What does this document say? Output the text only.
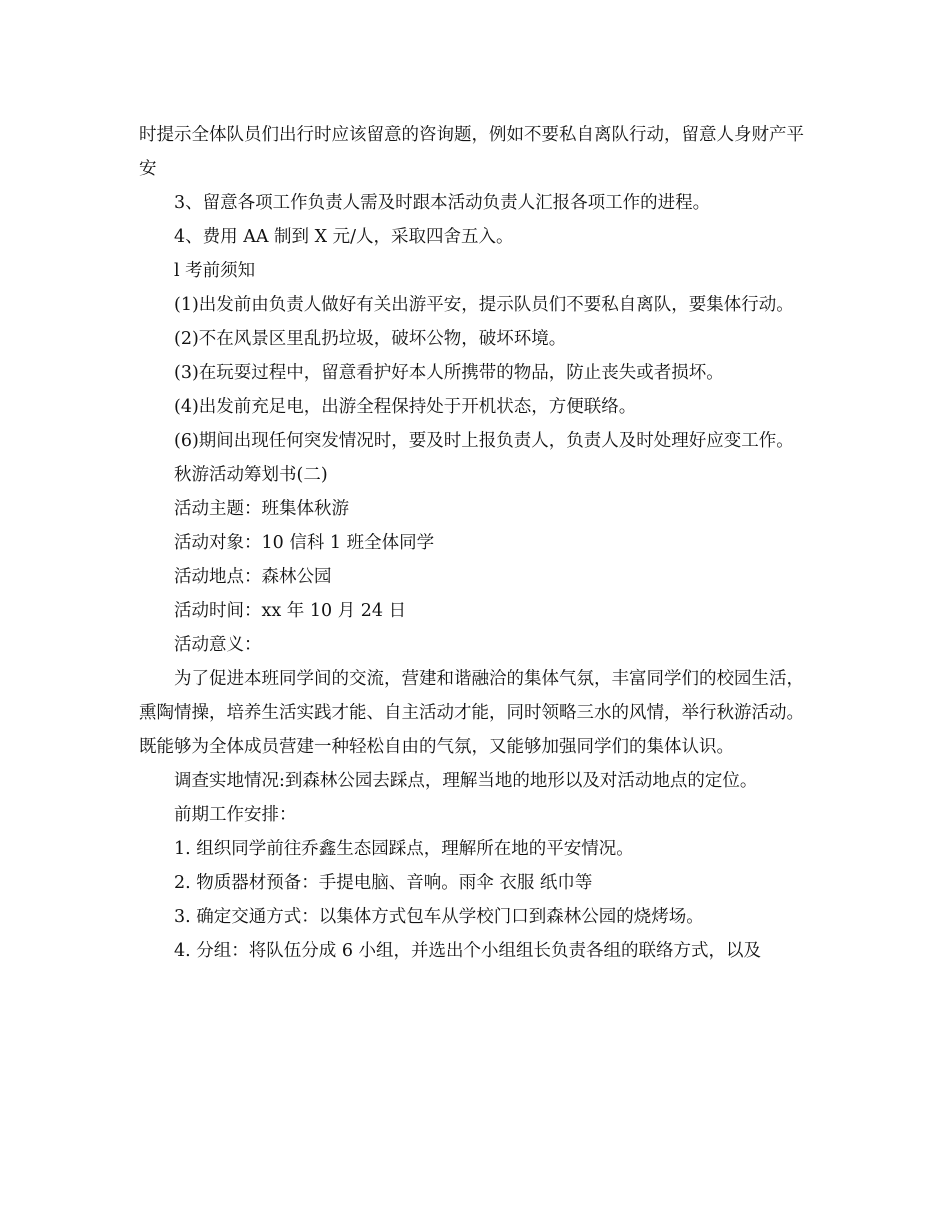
时提示全体队员们出行时应该留意的咨询题，例如不要私自离队行动，留意人身财产平安

3、留意各项工作负责人需及时跟本活动负责人汇报各项工作的进程。

4、费用 AA 制到 X 元/人，采取四舍五入。

l 考前须知

(1)出发前由负责人做好有关出游平安，提示队员们不要私自离队，要集体行动。

(2)不在风景区里乱扔垃圾，破坏公物，破坏环境。

(3)在玩耍过程中，留意看护好本人所携带的物品，防止丧失或者损坏。

(4)出发前充足电，出游全程保持处于开机状态，方便联络。

(6)期间出现任何突发情况时，要及时上报负责人，负责人及时处理好应变工作。

秋游活动筹划书(二)

活动主题：班集体秋游

活动对象：10 信科 1 班全体同学

活动地点：森林公园

活动时间：xx 年 10 月 24 日

活动意义：

为了促进本班同学间的交流，营建和谐融洽的集体气氛，丰富同学们的校园生活，熏陶情操，培养生活实践才能、自主活动才能，同时领略三水的风情，举行秋游活动。既能够为全体成员营建一种轻松自由的气氛，又能够加强同学们的集体认识。

调查实地情况:到森林公园去踩点，理解当地的地形以及对活动地点的定位。

前期工作安排：

1. 组织同学前往乔鑫生态园踩点，理解所在地的平安情况。

2. 物质器材预备：手提电脑、音响。雨伞 衣服 纸巾等

3. 确定交通方式：以集体方式包车从学校门口到森林公园的烧烤场。

4. 分组：将队伍分成 6 小组，并选出个小组组长负责各组的联络方式，以及
